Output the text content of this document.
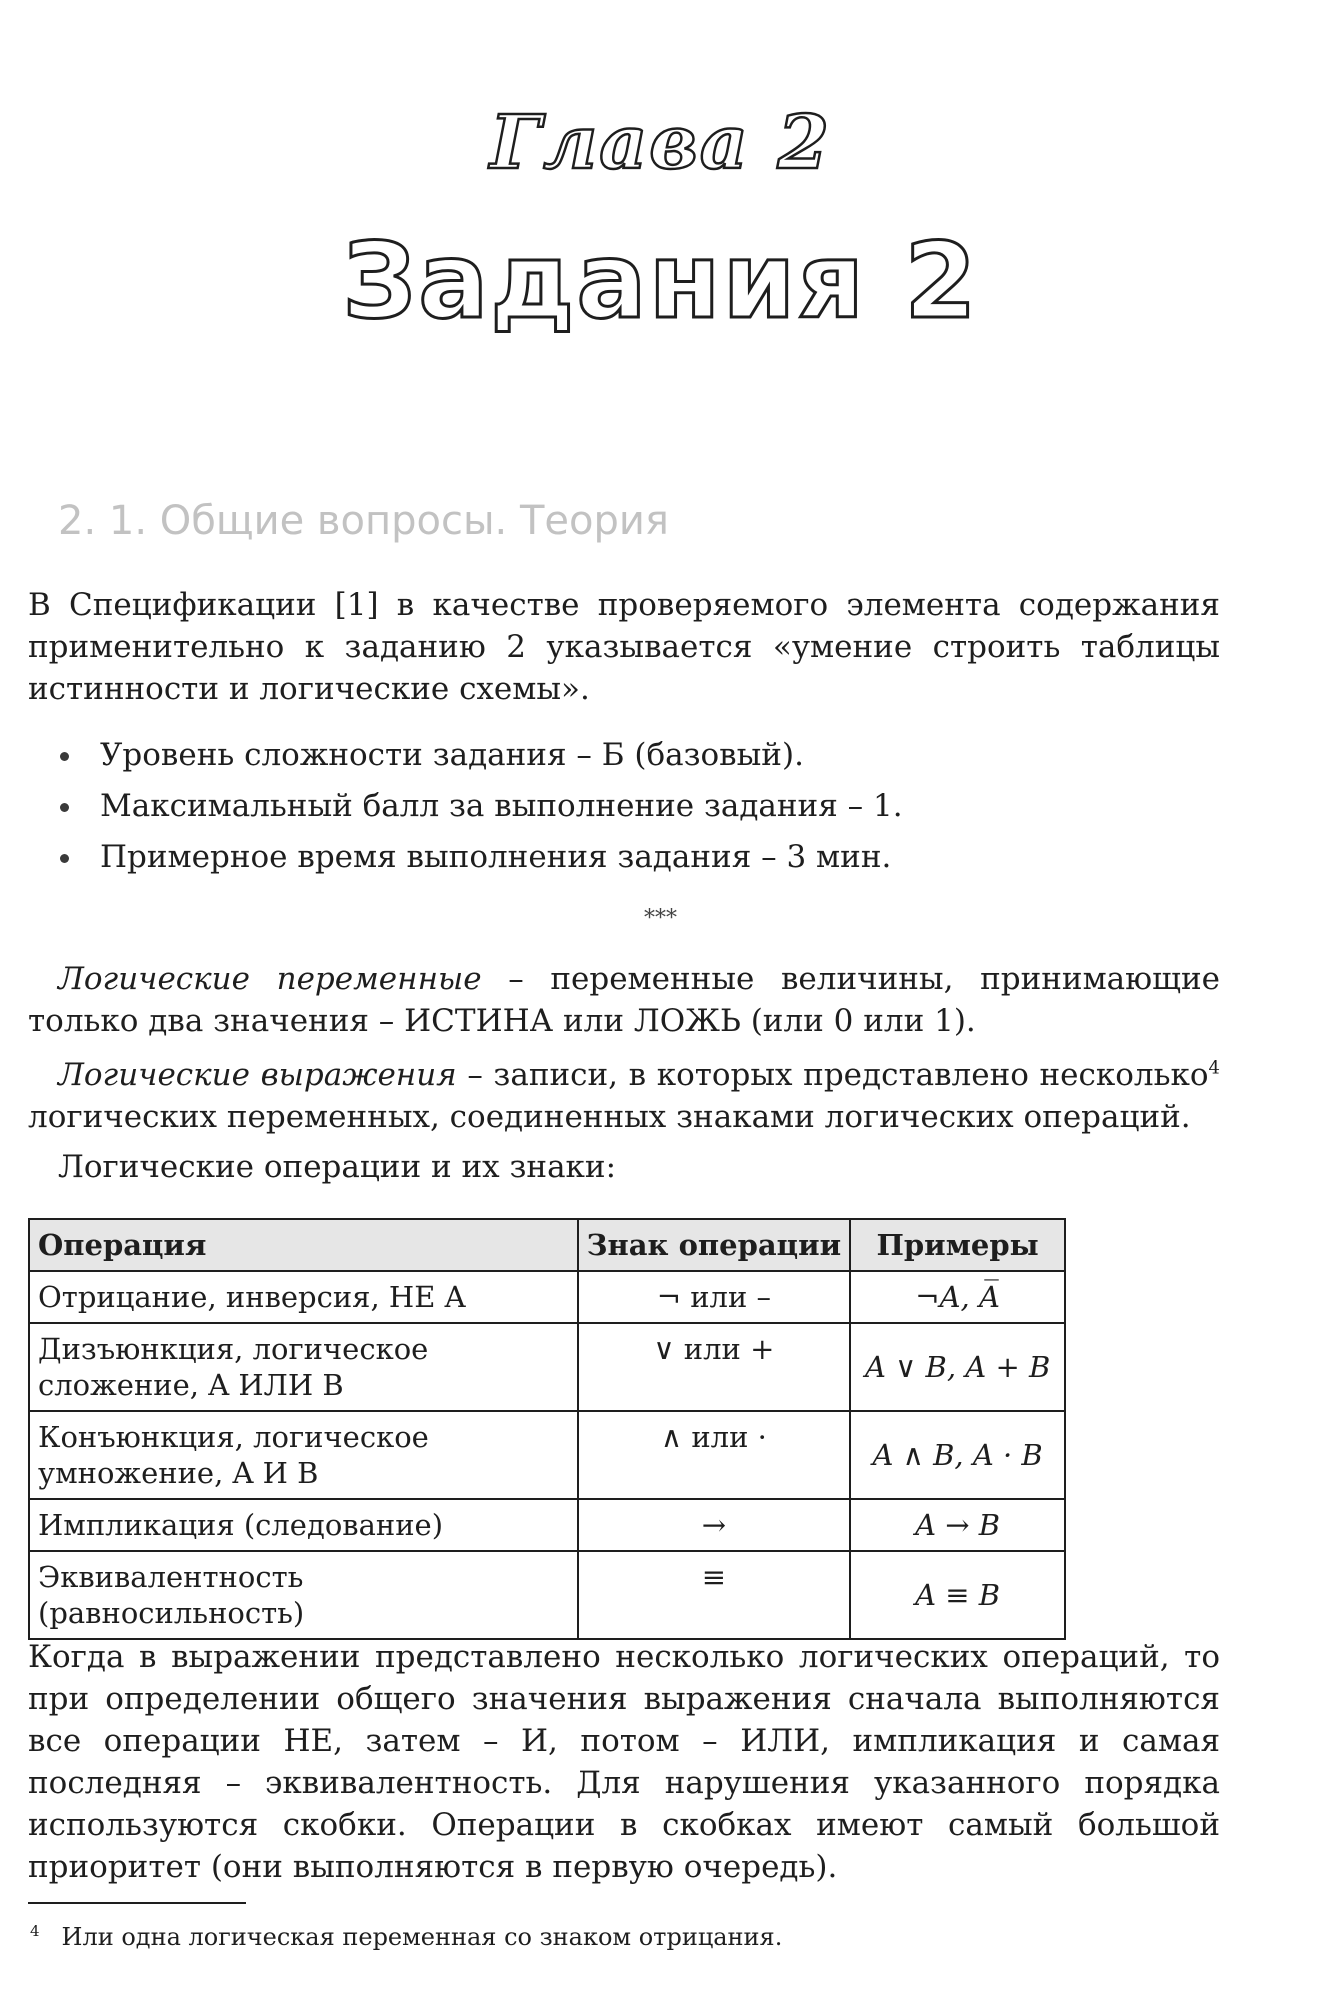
Глава 2
Задания 2
2. 1. Общие вопросы. Теория

В Спецификации [1] в качестве проверяемого элемента содержания применительно к заданию 2 указывается «умение строить таблицы истинности и логические схемы».

Уровень сложности задания – Б (базовый).
Максимальный балл за выполнение задания – 1.
Примерное время выполнения задания – 3 мин.
***

Логические переменные – переменные величины, принимающие только два значения – ИСТИНА или ЛОЖЬ (или 0 или 1).

Логические выражения – записи, в которых представлено несколько$^4$ логических переменных, соединенных знаками логических операций.

Логические операции и их знаки:

Операция	Знак операции	Примеры
Отрицание, инверсия, НЕ A	¬ или –	¬A, A̅
Дизъюнкция, логическое сложение, A ИЛИ B	∨ или +	A ∨ B, A + B
Конъюнкция, логическое умножение, A И B	∧ или ·	A ∧ B, A · B
Импликация (следование)	→	A → B
Эквивалентность (равносильность)	≡	A ≡ B

Когда в выражении представлено несколько логических операций, то при определении общего значения выражения сначала выполняются все операции НЕ, затем – И, потом – ИЛИ, импликация и самая последняя – эквивалентность. Для нарушения указанного порядка используются скобки. Операции в скобках имеют самый большой приоритет (они выполняются в первую очередь).

$^4$ Или одна логическая переменная со знаком отрицания.
